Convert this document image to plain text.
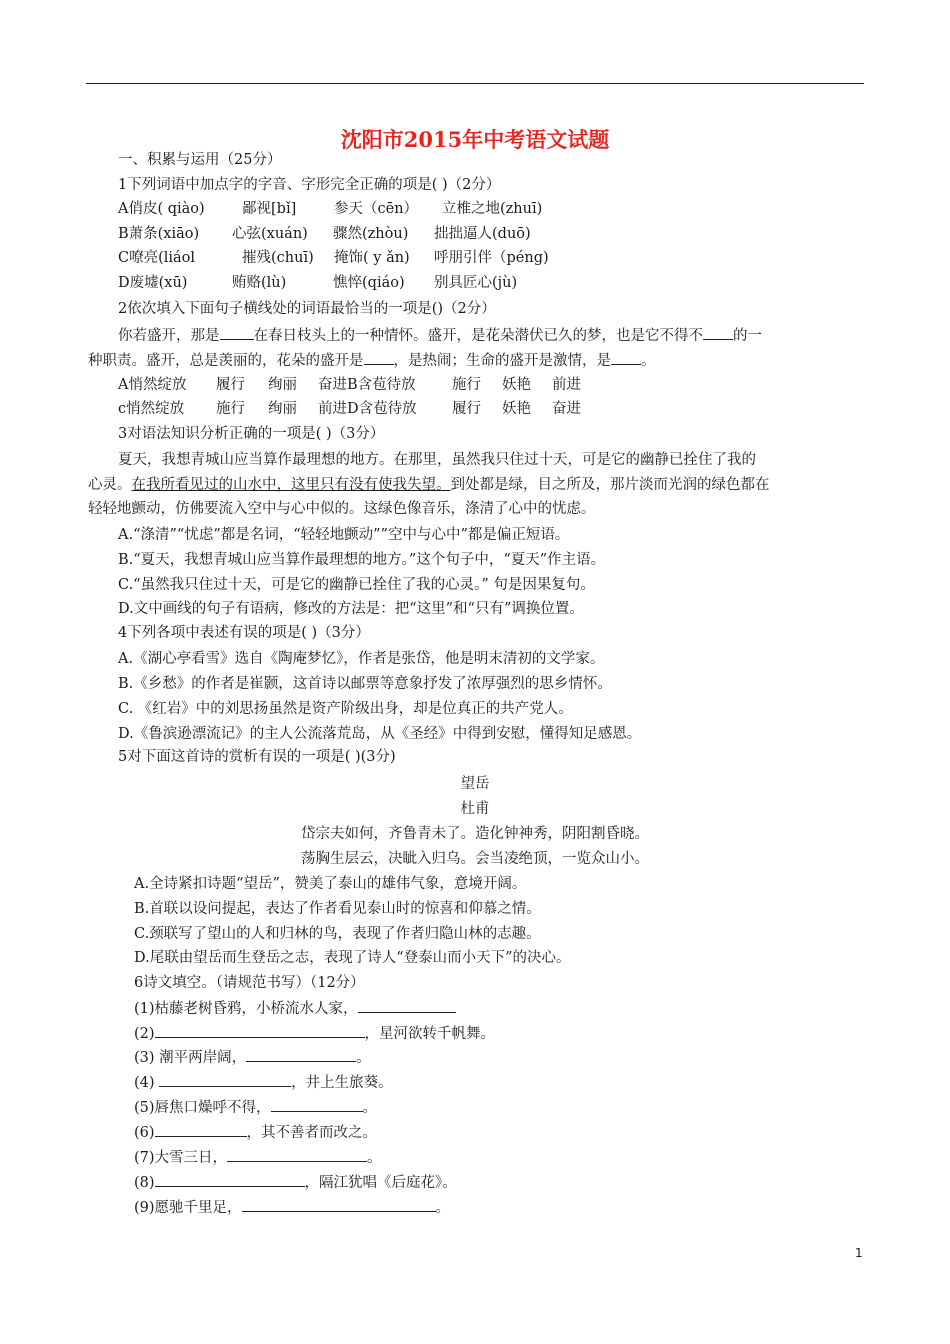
沈阳市2015年中考语文试题
一、积累与运用（25分）
1下列词语中加点字的字音、字形完全正确的项是( )（2分）
A俏皮( qiào)	鄙视[bǐ]	参天（cēn） 立椎之地(zhuī)
B萧条(xiāo) 心弦(xuán) 骤然(zhòu) 拙拙逼人(duō)
C嘹亮(liáol	摧残(chuī) 掩饰( y ǎn) 呼朋引伴（péng)
D废墟(xū)	贿赂(lù)	憔悴(qiáo) 别具匠心(jù)
2依次填入下面句子横线处的词语最恰当的一项是()（2分）
你若盛开，那是 在春日枝头上的一种情怀。盛开，是花朵潜伏已久的梦，也是它不得不 的一
种职责。盛开，总是羡丽的，花朵的盛开是 ，是热闹；生命的盛开是激情，是 。
A悄然绽放 履行 绚丽 奋进B含苞待放	施行 妖艳 前进
c悄然绽放 施行 绚丽 前进D含苞待放 履行 妖艳 奋进
3对语法知识分析正确的一项是( )（3分）
夏天，我想青城山应当算作最理想的地方。在那里，虽然我只住过十天，可是它的幽静已拴住了我的
心灵。在我所看见过的山水中，这里只有没有使我失望。到处都是绿，目之所及，那片淡而光润的绿色都在
轻轻地颤动，仿佛要流入空中与心中似的。这绿色像音乐，涤清了心中的忧虑。
A.“涤清”“忧虑”都是名词，“轻轻地颤动””空中与心中”都是偏正短语。
B.“夏天，我想青城山应当算作最理想的地方。”这个句子中，“夏天”作主语。
C.“虽然我只住过十天，可是它的幽静已拴住了我的心灵。” 句是因果复句。
D.文中画线的句子有语病，修改的方法是：把“这里”和“只有”调换位置。
4下列各项中表述有误的项是( )（3分）
A.《湖心亭看雪》选自《陶庵梦忆》，作者是张岱，他是明末清初的文学家。
B.《乡愁》的作者是崔颢，这首诗以邮票等意象抒发了浓厚强烈的思乡情怀。
C. 《红岩》中的刘思扬虽然是资产阶级出身，却是位真正的共产党人。
D.《鲁滨逊漂流记》的主人公流落荒岛，从《圣经》中得到安慰，懂得知足感恩。
5对下面这首诗的赏析有误的一项是( )(3分)
望岳
杜甫
岱宗夫如何，齐鲁青未了。造化钟神秀，阴阳割昏晓。
荡胸生层云，决眦入归乌。会当凌绝顶，一览众山小。
A.全诗紧扣诗题“望岳”，赞美了泰山的雄伟气象，意境开阔。
B.首联以设问提起，表达了作者看见泰山时的惊喜和仰慕之情。
C.颈联写了望山的人和归林的鸟，表现了作者归隐山林的志趣。
D.尾联由望岳而生登岳之志，表现了诗人“登泰山而小天下”的决心。
6诗文填空。（请规范书写）（12分）
(1)枯藤老树昏鸦，小桥流水人家，
(2)	，星河欲转千帆舞。
(3) 潮平两岸阔，	。
(4)	，井上生旅葵。
(5)唇焦口燥呼不得，	。
(6)	，其不善者而改之。
(7)大雪三日，	。
(8)	，隔江犹唱《后庭花》。
(9)愿驰千里足，	。
1
